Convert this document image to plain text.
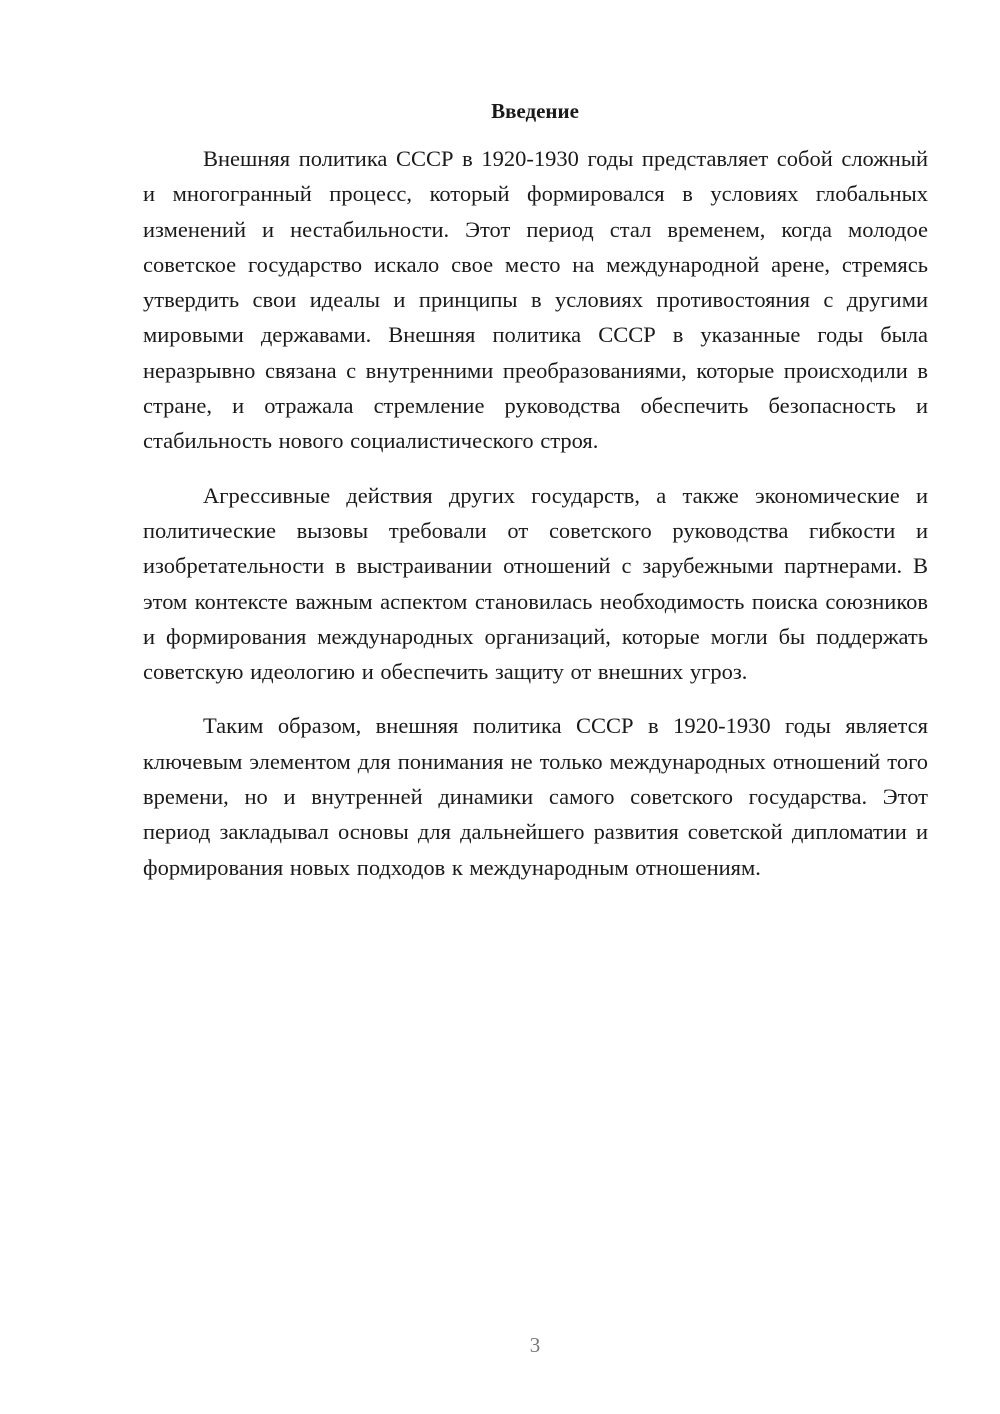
Введение

Внешняя политика СССР в 1920-1930 годы представляет собой сложный и многогранный процесс, который формировался в условиях глобальных изменений и нестабильности. Этот период стал временем, когда молодое советское государство искало свое место на международной арене, стремясь утвердить свои идеалы и принципы в условиях противостояния с другими мировыми державами. Внешняя политика СССР в указанные годы была неразрывно связана с внутренними преобразованиями, которые происходили в стране, и отражала стремление руководства обеспечить безопасность и стабильность нового социалистического строя.

Агрессивные действия других государств, а также экономические и политические вызовы требовали от советского руководства гибкости и изобретательности в выстраивании отношений с зарубежными партнерами. В этом контексте важным аспектом становилась необходимость поиска союзников и формирования международных организаций, которые могли бы поддержать советскую идеологию и обеспечить защиту от внешних угроз.

Таким образом, внешняя политика СССР в 1920-1930 годы является ключевым элементом для понимания не только международных отношений того времени, но и внутренней динамики самого советского государства. Этот период закладывал основы для дальнейшего развития советской дипломатии и формирования новых подходов к международным отношениям.

3
